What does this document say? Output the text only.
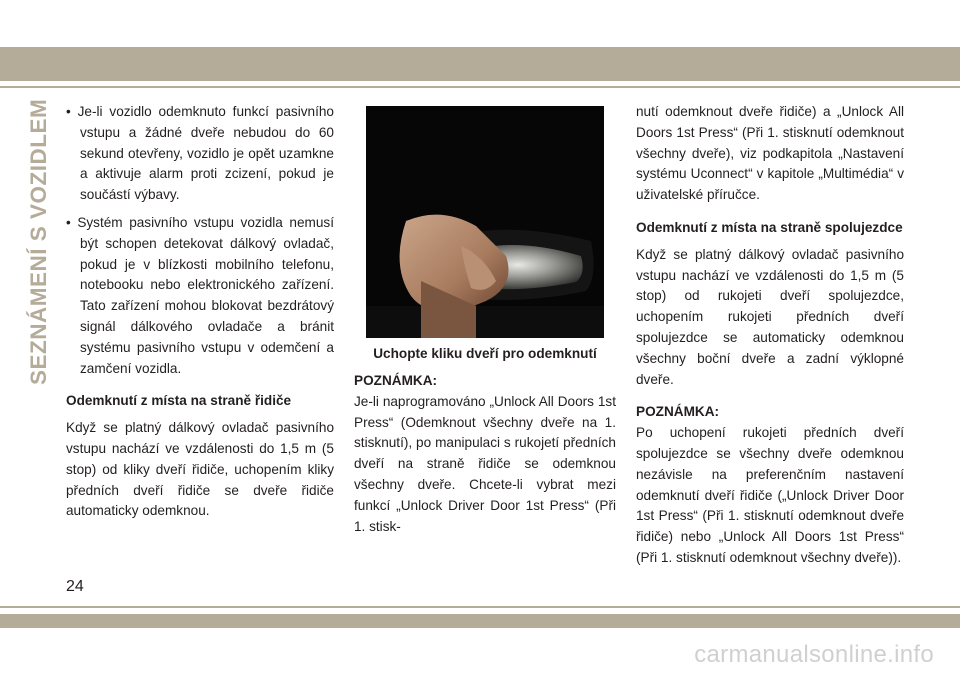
SEZNÁMENÍ S VOZIDLEM • Je-li vozidlo odemknuto funkcí pasivního vstupu a žádné dveře nebudou do 60 sekund otevřeny, vozidlo je opět uzamkne a aktivuje alarm proti zcizení, pokud je součástí výbavy.

• Systém pasivního vstupu vozidla nemusí být schopen detekovat dálkový ovladač, pokud je v blízkosti mobilního telefonu, notebooku nebo elektronického zařízení. Tato zařízení mohou blokovat bezdrátový signál dálkového ovladače a bránit systému pasivního vstupu v odemčení a zamčení vozidla.

Odemknutí z místa na straně řidiče

Když se platný dálkový ovladač pasivního vstupu nachází ve vzdálenosti do 1,5 m (5 stop) od kliky dveří řidiče, uchopením kliky předních dveří řidiče se dveře řidiče automaticky odemknou.

Uchopte kliku dveří pro odemknutí

POZNÁMKA:

Je-li naprogramováno „Unlock All Doors 1st Press“ (Odemknout všechny dveře na 1. stisknutí), po manipulaci s rukojetí předních dveří na straně řidiče se odemknou všechny dveře. Chcete-li vybrat mezi funkcí „Unlock Driver Door 1st Press“ (Při 1. stisk-

nutí odemknout dveře řidiče) a „Unlock All Doors 1st Press“ (Při 1. stisknutí odemknout všechny dveře), viz podkapitola „Nastavení systému Uconnect“ v kapitole „Multimédia“ v uživatelské příručce.

Odemknutí z místa na straně spolujezdce

Když se platný dálkový ovladač pasivního vstupu nachází ve vzdálenosti do 1,5 m (5 stop) od rukojeti dveří spolujezdce, uchopením rukojeti předních dveří spolujezdce se automaticky odemknou všechny boční dveře a zadní výklopné dveře.

POZNÁMKA:

Po uchopení rukojeti předních dveří spolujezdce se všechny dveře odemknou nezávisle na preferenčním nastavení odemknutí dveří řidiče („Unlock Driver Door 1st Press“ (Při 1. stisknutí odemknout dveře řidiče) nebo „Unlock All Doors 1st Press“ (Při 1. stisknutí odemknout všechny dveře)).

24
carmanualsonline.info
